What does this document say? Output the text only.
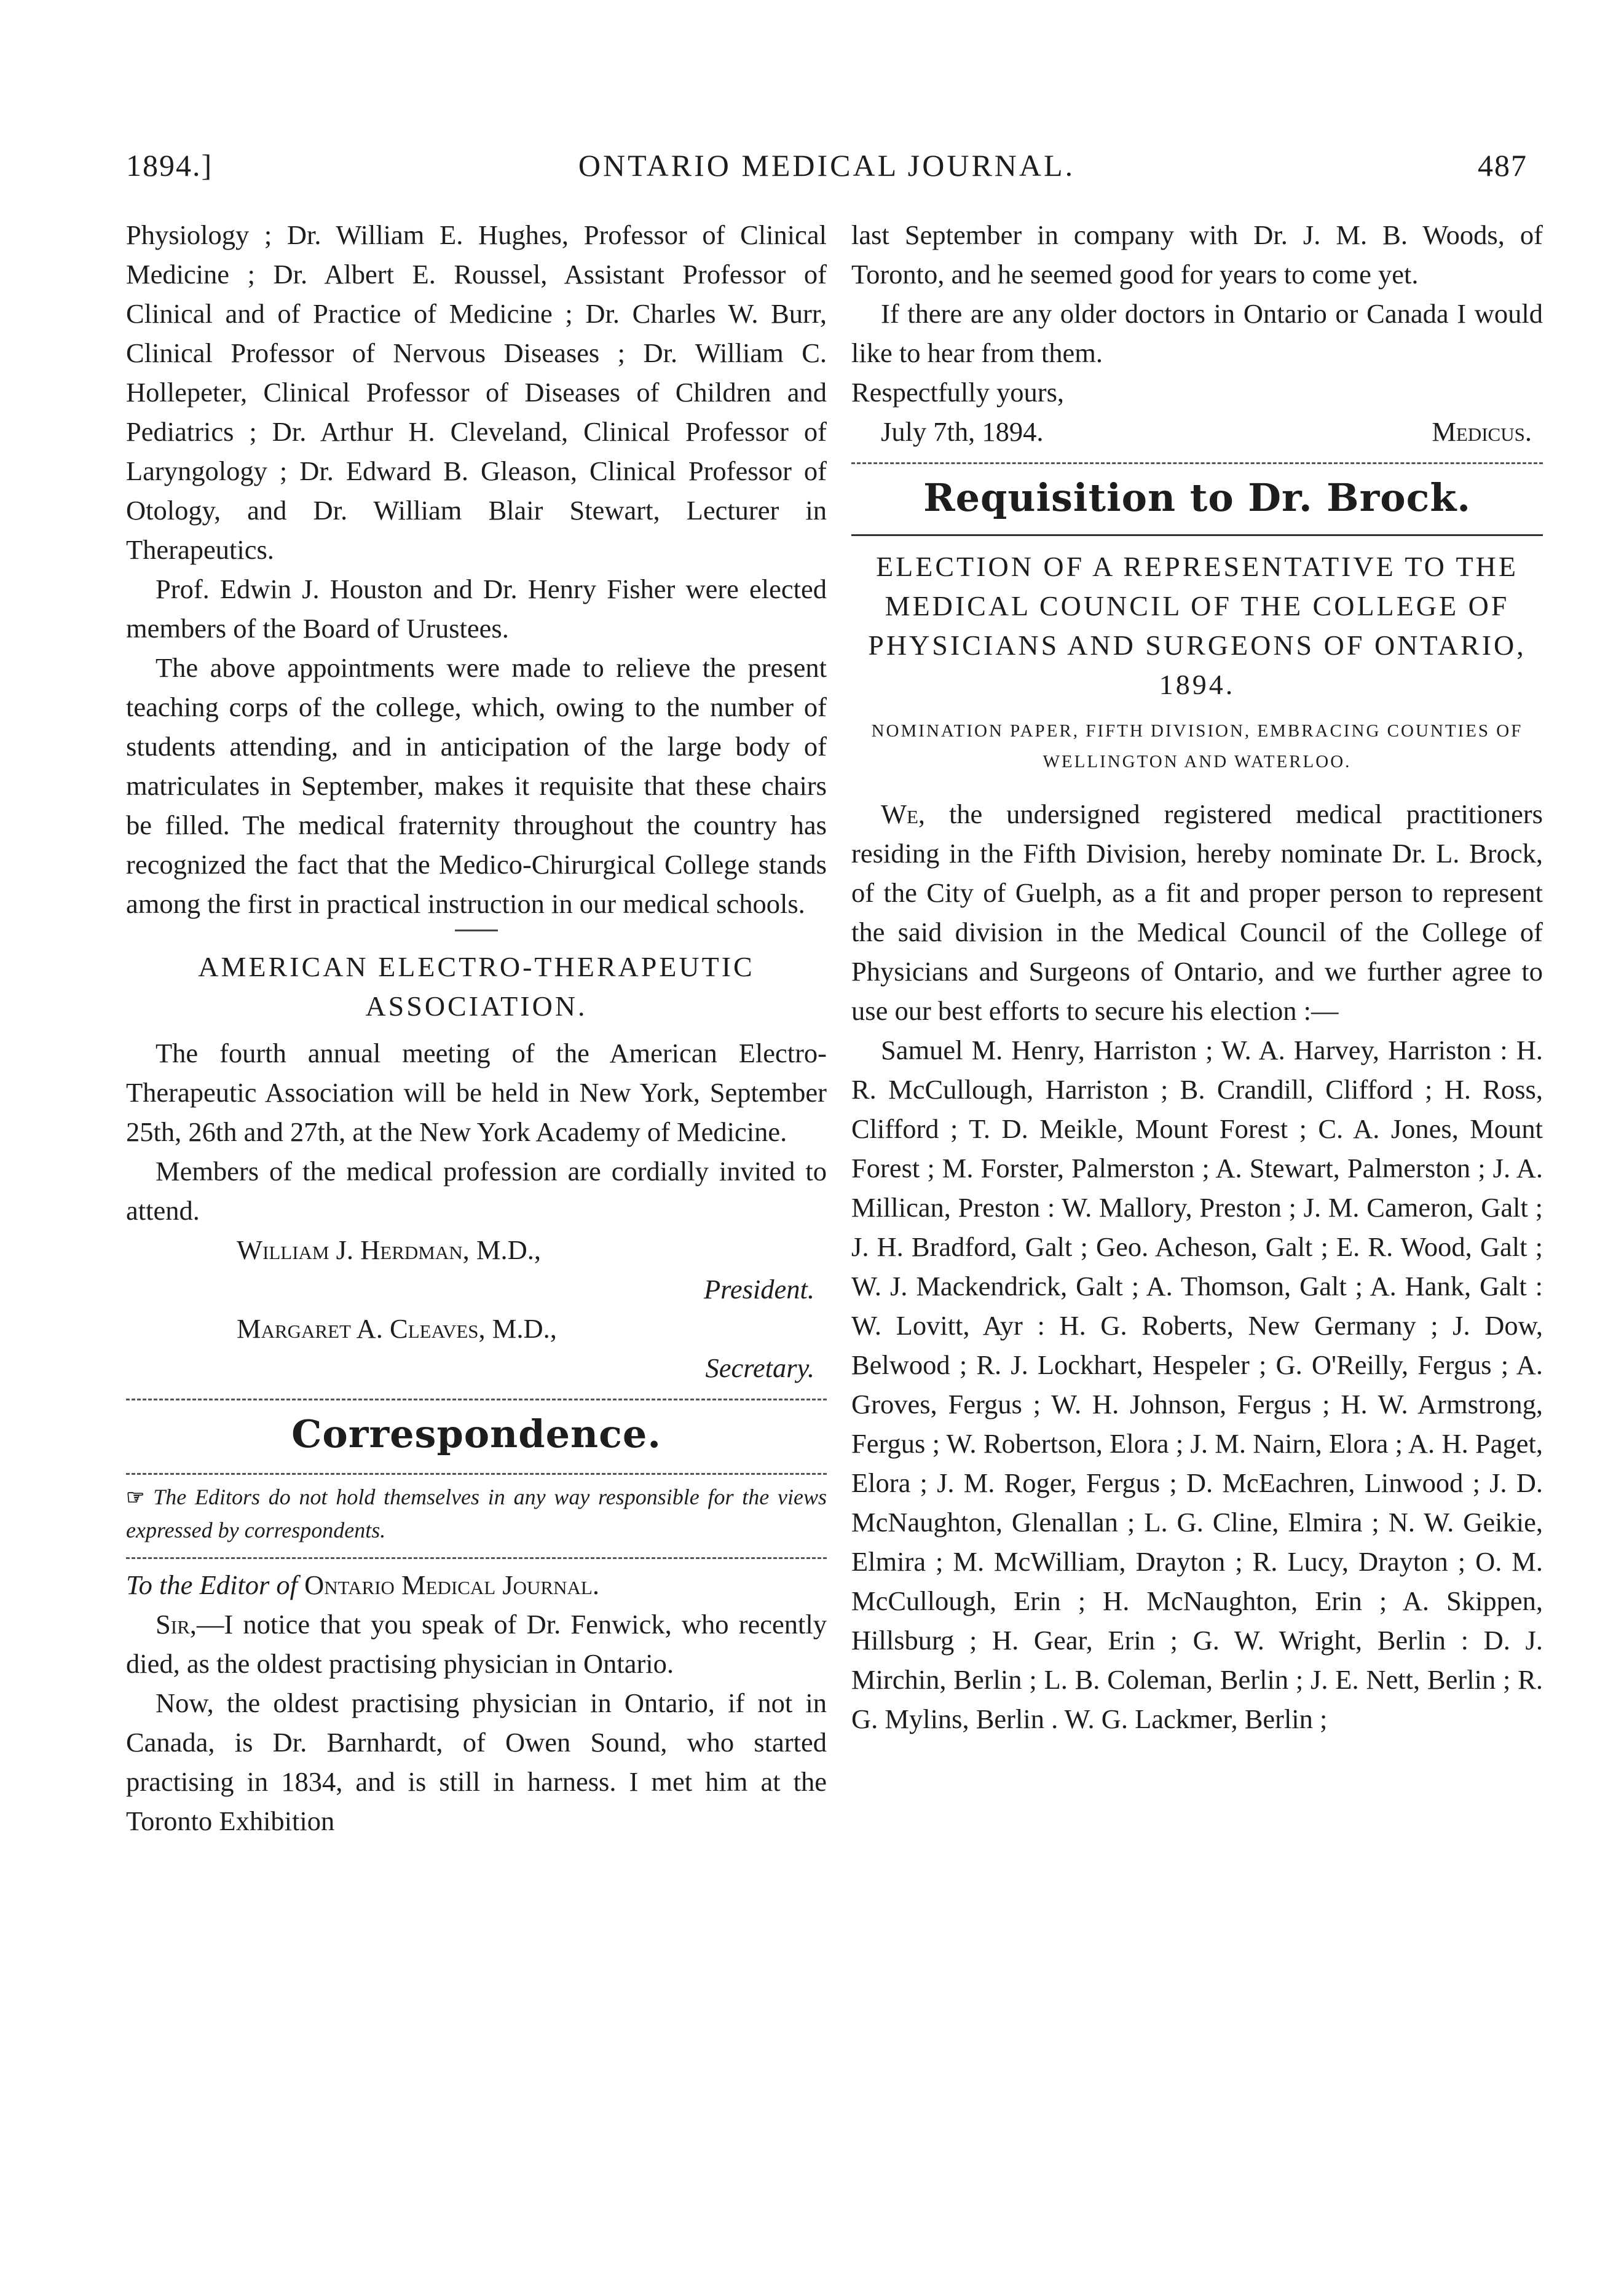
1894.]	ONTARIO MEDICAL JOURNAL.	487

Physiology ; Dr. William E. Hughes, Professor of Clinical Medicine ; Dr. Albert E. Roussel, Assistant Professor of Clinical and of Practice of Medicine ; Dr. Charles W. Burr, Clinical Professor of Nervous Diseases ; Dr. William C. Hollepeter, Clinical Professor of Diseases of Children and Pediatrics ; Dr. Arthur H. Cleveland, Clinical Professor of Laryngology ; Dr. Edward B. Gleason, Clinical Professor of Otology, and Dr. William Blair Stewart, Lecturer in Therapeutics.

Prof. Edwin J. Houston and Dr. Henry Fisher were elected members of the Board of Urustees.

The above appointments were made to relieve the present teaching corps of the college, which, owing to the number of students attending, and in anticipation of the large body of matriculates in September, makes it requisite that these chairs be filled. The medical fraternity throughout the country has recognized the fact that the Medico-Chirurgical College stands among the first in practical instruction in our medical schools.

AMERICAN ELECTRO-THERAPEUTIC ASSOCIATION.

The fourth annual meeting of the American Electro-Therapeutic Association will be held in New York, September 25th, 26th and 27th, at the New York Academy of Medicine.

Members of the medical profession are cordially invited to attend.

William J. Herdman, M.D.,
President.
Margaret A. Cleaves, M.D.,
Secretary.
Correspondence.

☞ The Editors do not hold themselves in any way responsible for the views expressed by correspondents.

To the Editor of Ontario Medical Journal.

Sir,—I notice that you speak of Dr. Fenwick, who recently died, as the oldest practising physician in Ontario.

Now, the oldest practising physician in Ontario, if not in Canada, is Dr. Barnhardt, of Owen Sound, who started practising in 1834, and is still in harness. I met him at the Toronto Exhibition

last September in company with Dr. J. M. B. Woods, of Toronto, and he seemed good for years to come yet.

If there are any older doctors in Ontario or Canada I would like to hear from them.

Respectfully yours,

July 7th, 1894.	Medicus.
Requisition to Dr. Brock.
ELECTION OF A REPRESENTATIVE TO THE MEDICAL COUNCIL OF THE COLLEGE OF PHYSICIANS AND SURGEONS OF ONTARIO, 1894.
NOMINATION PAPER, FIFTH DIVISION, EMBRACING COUNTIES OF WELLINGTON AND WATERLOO.

We, the undersigned registered medical practitioners residing in the Fifth Division, hereby nominate Dr. L. Brock, of the City of Guelph, as a fit and proper person to represent the said division in the Medical Council of the College of Physicians and Surgeons of Ontario, and we further agree to use our best efforts to secure his election :—

Samuel M. Henry, Harriston ; W. A. Harvey, Harriston : H. R. McCullough, Harriston ; B. Crandill, Clifford ; H. Ross, Clifford ; T. D. Meikle, Mount Forest ; C. A. Jones, Mount Forest ; M. Forster, Palmerston ; A. Stewart, Palmerston ; J. A. Millican, Preston : W. Mallory, Preston ; J. M. Cameron, Galt ; J. H. Bradford, Galt ; Geo. Acheson, Galt ; E. R. Wood, Galt ; W. J. Mackendrick, Galt ; A. Thomson, Galt ; A. Hank, Galt : W. Lovitt, Ayr : H. G. Roberts, New Germany ; J. Dow, Belwood ; R. J. Lockhart, Hespeler ; G. O'Reilly, Fergus ; A. Groves, Fergus ; W. H. Johnson, Fergus ; H. W. Armstrong, Fergus ; W. Robertson, Elora ; J. M. Nairn, Elora ; A. H. Paget, Elora ; J. M. Roger, Fergus ; D. McEachren, Linwood ; J. D. McNaughton, Glenallan ; L. G. Cline, Elmira ; N. W. Geikie, Elmira ; M. McWilliam, Drayton ; R. Lucy, Drayton ; O. M. McCullough, Erin ; H. McNaughton, Erin ; A. Skippen, Hillsburg ; H. Gear, Erin ; G. W. Wright, Berlin : D. J. Mirchin, Berlin ; L. B. Coleman, Berlin ; J. E. Nett, Berlin ; R. G. Mylins, Berlin . W. G. Lackmer, Berlin ;
